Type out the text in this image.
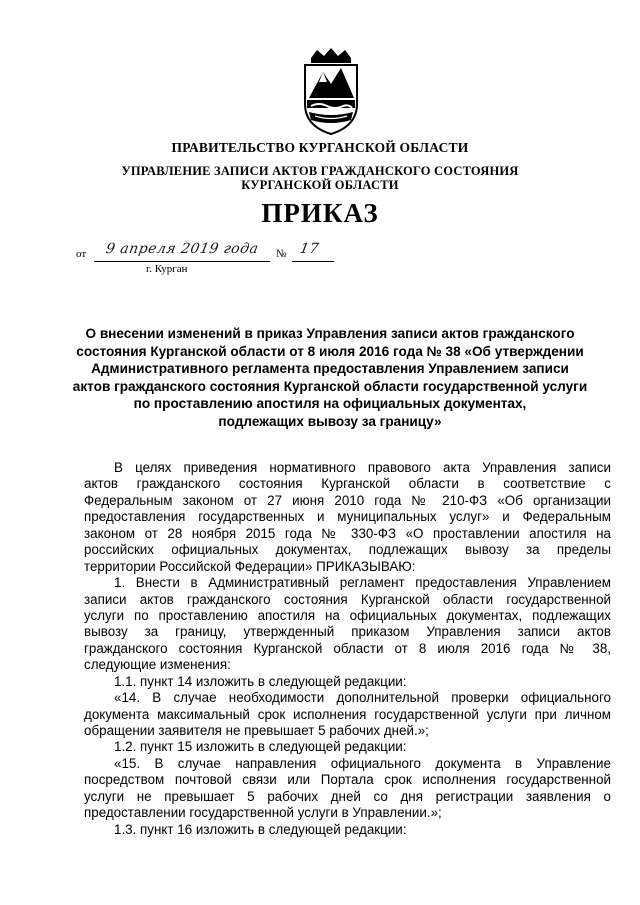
ПРАВИТЕЛЬСТВО КУРГАНСКОЙ ОБЛАСТИ
УПРАВЛЕНИЕ ЗАПИСИ АКТОВ ГРАЖДАНСКОГО СОСТОЯНИЯ
КУРГАНСКОЙ ОБЛАСТИ
ПРИКАЗ
от 9 апреля 2019 года № 17
г. Курган
О внесении изменений в приказ Управления записи актов гражданского
состояния Курганской области от 8 июля 2016 года № 38 «Об утверждении
Административного регламента предоставления Управлением записи
актов гражданского состояния Курганской области государственной услуги
по проставлению апостиля на официальных документах,
подлежащих вывозу за границу»
В целях приведения нормативного правового акта Управления записи
актов гражданского состояния Курганской области в соответствие с
Федеральным законом от 27 июня 2010 года № 210-ФЗ «Об организации
предоставления государственных и муниципальных услуг» и Федеральным
законом от 28 ноября 2015 года № 330-ФЗ «О проставлении апостиля на
российских официальных документах, подлежащих вывозу за пределы
территории Российской Федерации» ПРИКАЗЫВАЮ:
1. Внести в Административный регламент предоставления Управлением
записи актов гражданского состояния Курганской области государственной
услуги по проставлению апостиля на официальных документах, подлежащих
вывозу за границу, утвержденный приказом Управления записи актов
гражданского состояния Курганской области от 8 июля 2016 года № 38,
следующие изменения:
1.1. пункт 14 изложить в следующей редакции:
«14. В случае необходимости дополнительной проверки официального
документа максимальный срок исполнения государственной услуги при личном
обращении заявителя не превышает 5 рабочих дней.»;
1.2. пункт 15 изложить в следующей редакции:
«15. В случае направления официального документа в Управление
посредством почтовой связи или Портала срок исполнения государственной
услуги не превышает 5 рабочих дней со дня регистрации заявления о
предоставлении государственной услуги в Управлении.»;
1.3. пункт 16 изложить в следующей редакции:
